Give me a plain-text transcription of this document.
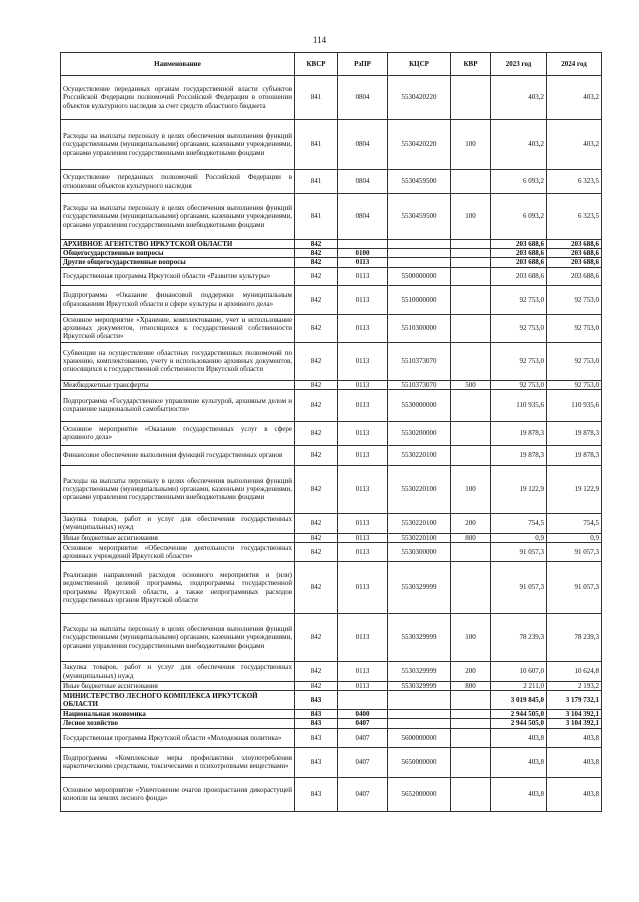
114
Наименование	КВСР	РзПР	КЦСР	КВР	2023 год	2024 год
Осуществление переданных органам государственной власти субъектов Российской Федерации полномочий Российской Федерации в отношении объектов культурного наследия за счет средств областного бюджета	841	0804	5530420220		403,2	403,2
Расходы на выплаты персоналу в целях обеспечения выполнения функций государственными (муниципальными) органами, казенными учреждениями, органами управления государственными внебюджетными фондами	841	0804	5530420220	100	403,2	403,2
Осуществление переданных полномочий Российской Федерации в отношении объектов культурного наследия	841	0804	5530459500		6 093,2	6 323,5
Расходы на выплаты персоналу в целях обеспечения выполнения функций государственными (муниципальными) органами, казенными учреждениями, органами управления государственными внебюджетными фондами	841	0804	5530459500	100	6 093,2	6 323,5
АРХИВНОЕ АГЕНТСТВО ИРКУТСКОЙ ОБЛАСТИ	842				203 688,6	203 688,6
Общегосударственные вопросы	842	0100			203 688,6	203 688,6
Другие общегосударственные вопросы	842	0113			203 688,6	203 688,6
Государственная программа Иркутской области «Развитие культуры»	842	0113	5500000000		203 688,6	203 688,6
Подпрограмма «Оказание финансовой поддержки муниципальным образованиям Иркутской области в сфере культуры и архивного дела»	842	0113	5510000000		92 753,0	92 753,0
Основное мероприятие «Хранение, комплектование, учет и использование архивных документов, относящихся к государственной собственности Иркутской области»	842	0113	5510300000		92 753,0	92 753,0
Субвенции на осуществление областных государственных полномочий по хранению, комплектованию, учету и использованию архивных документов, относящихся к государственной собственности Иркутской области	842	0113	5510373070		92 753,0	92 753,0
Межбюджетные трансферты	842	0113	5510373070	500	92 753,0	92 753,0
Подпрограмма «Государственное управление культурой, архивным делом и сохранение национальной самобытности»	842	0113	5530000000		110 935,6	110 935,6
Основное мероприятие «Оказание государственных услуг в сфере архивного дела»	842	0113	5530200000		19 878,3	19 878,3
Финансовое обеспечение выполнения функций государственных органов	842	0113	5530220100		19 878,3	19 878,3
Расходы на выплаты персоналу в целях обеспечения выполнения функций государственными (муниципальными) органами, казенными учреждениями, органами управления государственными внебюджетными фондами	842	0113	5530220100	100	19 122,9	19 122,9
Закупка товаров, работ и услуг для обеспечения государственных (муниципальных) нужд	842	0113	5530220100	200	754,5	754,5
Иные бюджетные ассигнования	842	0113	5530220100	800	0,9	0,9
Основное мероприятие «Обеспечение деятельности государственных архивных учреждений Иркутской области»	842	0113	5530300000		91 057,3	91 057,3
Реализация направлений расходов основного мероприятия и (или) ведомственной целевой программы, подпрограммы государственной программы Иркутской области, а также непрограммных расходов государственных органов Иркутской области	842	0113	5530329999		91 057,3	91 057,3
Расходы на выплаты персоналу в целях обеспечения выполнения функций государственными (муниципальными) органами, казенными учреждениями, органами управления государственными внебюджетными фондами	842	0113	5530329999	100	78 239,3	78 239,3
Закупка товаров, работ и услуг для обеспечения государственных (муниципальных) нужд	842	0113	5530329999	200	10 607,0	10 624,8
Иные бюджетные ассигнования	842	0113	5530329999	800	2 211,0	2 193,2
МИНИСТЕРСТВО ЛЕСНОГО КОМПЛЕКСА ИРКУТСКОЙ ОБЛАСТИ	843				3 019 845,0	3 179 732,1
Национальная экономика	843	0400			2 944 505,0	3 104 392,1
Лесное хозяйство	843	0407			2 944 505,0	3 104 392,1
Государственная программа Иркутской области «Молодежная политика»	843	0407	5600000000		403,8	403,8
Подпрограмма «Комплексные меры профилактики злоупотребления наркотическими средствами, токсическими и психотропными веществами»	843	0407	5650000000		403,8	403,8
Основное мероприятие «Уничтожение очагов произрастания дикорастущей конопли на землях лесного фонда»	843	0407	5652000000		403,8	403,8
